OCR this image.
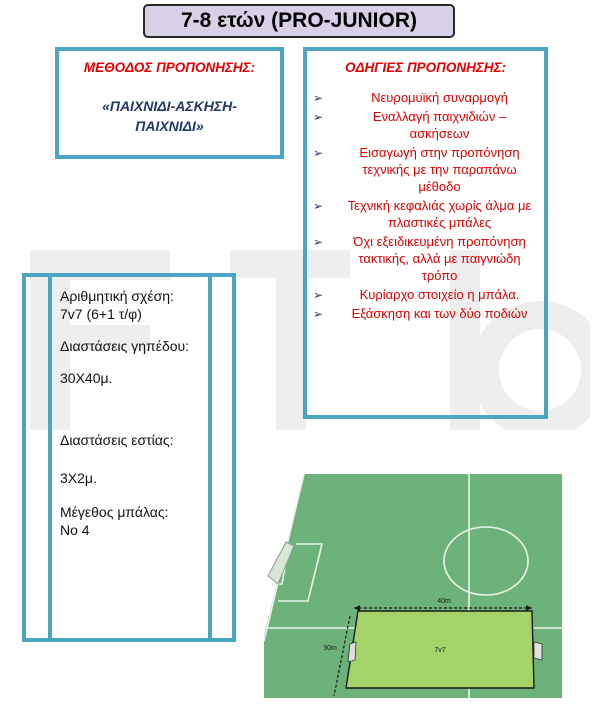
7-8 ετών (PRO-JUNIOR)
ΜΕΘΟΔΟΣ ΠΡΟΠΟΝΗΣΗΣ:
«ΠΑΙΧΝΙΔΙ-ΑΣΚΗΣΗ-
ΠΑΙΧΝΙΔΙ»
ΟΔΗΓΙΕΣ ΠΡΟΠΟΝΗΣΗΣ:
➢	Νευρομυϊκή συναρμογή
➢	Εναλλαγή παιχνιδιών – ασκήσεων
➢	Εισαγωγή στην προπόνηση τεχνικής με την παραπάνω μέθοδο
➢ Τεχνική κεφαλιάς χωρίς άλμα με πλαστικές μπάλες
➢ Όχι εξειδικευμένη προπόνηση τακτικής, αλλά με παιγνιώδη τρόπο
➢	Κυρίαρχο στοιχείο η μπάλα.
➢ Εξάσκηση και των δύο ποδιών

Αριθμητική σχέση:
7v7 (6+1 τ/φ)

Διαστάσεις γηπέδου:

30Χ40μ.

Διαστάσεις εστίας:

3Χ2μ.

Μέγεθος μπάλας:
Νο 4

40m
30m	7v7
